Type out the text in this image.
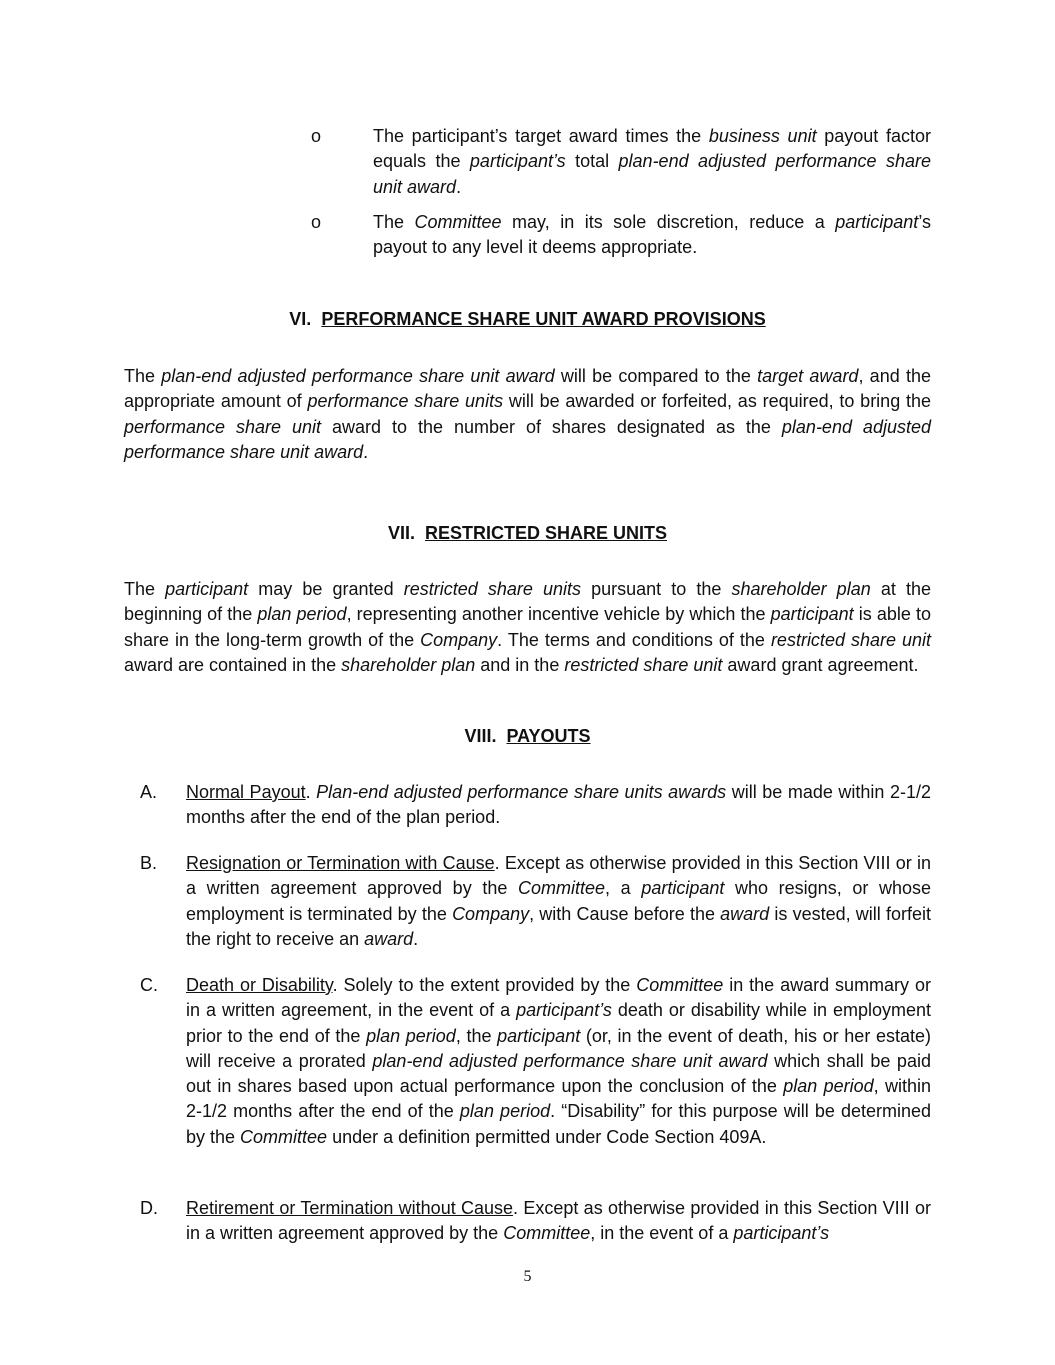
o	The participant’s target award times the business unit payout factor equals the participant’s total plan-end adjusted performance share unit award.

o	The Committee may, in its sole discretion, reduce a participant’s payout to any level it deems appropriate.

VI. PERFORMANCE SHARE UNIT AWARD PROVISIONS

The plan-end adjusted performance share unit award will be compared to the target award, and the appropriate amount of performance share units will be awarded or forfeited, as required, to bring the performance share unit award to the number of shares designated as the plan-end adjusted performance share unit award.

VII. RESTRICTED SHARE UNITS

The participant may be granted restricted share units pursuant to the shareholder plan at the beginning of the plan period, representing another incentive vehicle by which the participant is able to share in the long-term growth of the Company. The terms and conditions of the restricted share unit award are contained in the shareholder plan and in the restricted share unit award grant agreement.

VIII. PAYOUTS

A. Normal Payout. Plan-end adjusted performance share units awards will be made within 2-1/2 months after the end of the plan period.

B. Resignation or Termination with Cause. Except as otherwise provided in this Section VIII or in a written agreement approved by the Committee, a participant who resigns, or whose employment is terminated by the Company, with Cause before the award is vested, will forfeit the right to receive an award.

C. Death or Disability. Solely to the extent provided by the Committee in the award summary or in a written agreement, in the event of a participant’s death or disability while in employment prior to the end of the plan period, the participant (or, in the event of death, his or her estate) will receive a prorated plan-end adjusted performance share unit award which shall be paid out in shares based upon actual performance upon the conclusion of the plan period, within 2-1/2 months after the end of the plan period. “Disability” for this purpose will be determined by the Committee under a definition permitted under Code Section 409A.

D. Retirement or Termination without Cause. Except as otherwise provided in this Section VIII or in a written agreement approved by the Committee, in the event of a participant’s

5
